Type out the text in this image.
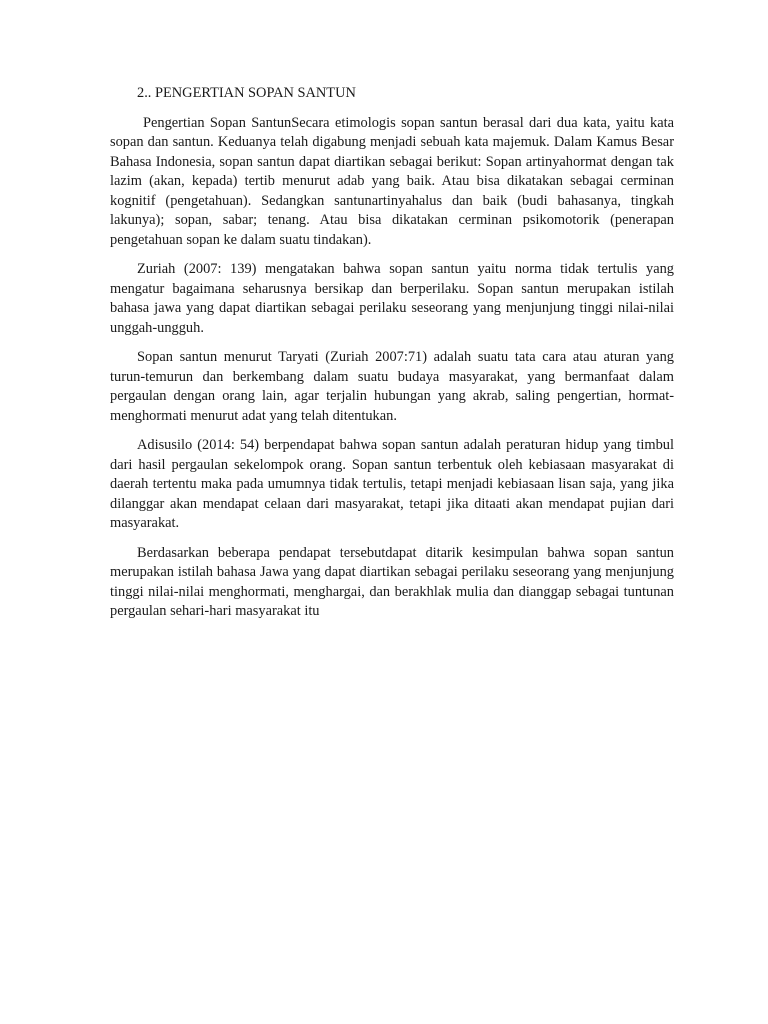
2.. PENGERTIAN SOPAN SANTUN

Pengertian Sopan SantunSecara etimologis sopan santun berasal dari dua kata, yaitu kata sopan dan santun. Keduanya telah digabung menjadi sebuah kata majemuk. Dalam Kamus Besar Bahasa Indonesia, sopan santun dapat diartikan sebagai berikut: Sopan artinyahormat dengan tak lazim (akan, kepada) tertib menurut adab yang baik. Atau bisa dikatakan sebagai cerminan kognitif (pengetahuan). Sedangkan santunartinyahalus dan baik (budi bahasanya, tingkah lakunya); sopan, sabar; tenang. Atau bisa dikatakan cerminan psikomotorik (penerapan pengetahuan sopan ke dalam suatu tindakan).

Zuriah (2007: 139) mengatakan bahwa sopan santun yaitu norma tidak tertulis yang mengatur bagaimana seharusnya bersikap dan berperilaku. Sopan santun merupakan istilah bahasa jawa yang dapat diartikan sebagai perilaku seseorang yang menjunjung tinggi nilai-nilai unggah-ungguh.

Sopan santun menurut Taryati (Zuriah 2007:71) adalah suatu tata cara atau aturan yang turun-temurun dan berkembang dalam suatu budaya masyarakat, yang bermanfaat dalam pergaulan dengan orang lain, agar terjalin hubungan yang akrab, saling pengertian, hormat-menghormati menurut adat yang telah ditentukan.

Adisusilo (2014: 54) berpendapat bahwa sopan santun adalah peraturan hidup yang timbul dari hasil pergaulan sekelompok orang. Sopan santun terbentuk oleh kebiasaan masyarakat di daerah tertentu maka pada umumnya tidak tertulis, tetapi menjadi kebiasaan lisan saja, yang jika dilanggar akan mendapat celaan dari masyarakat, tetapi jika ditaati akan mendapat pujian dari masyarakat.

Berdasarkan beberapa pendapat tersebutdapat ditarik kesimpulan bahwa sopan santun merupakan istilah bahasa Jawa yang dapat diartikan sebagai perilaku seseorang yang menjunjung tinggi nilai-nilai menghormati, menghargai, dan berakhlak mulia dan dianggap sebagai tuntunan pergaulan sehari-hari masyarakat itu
